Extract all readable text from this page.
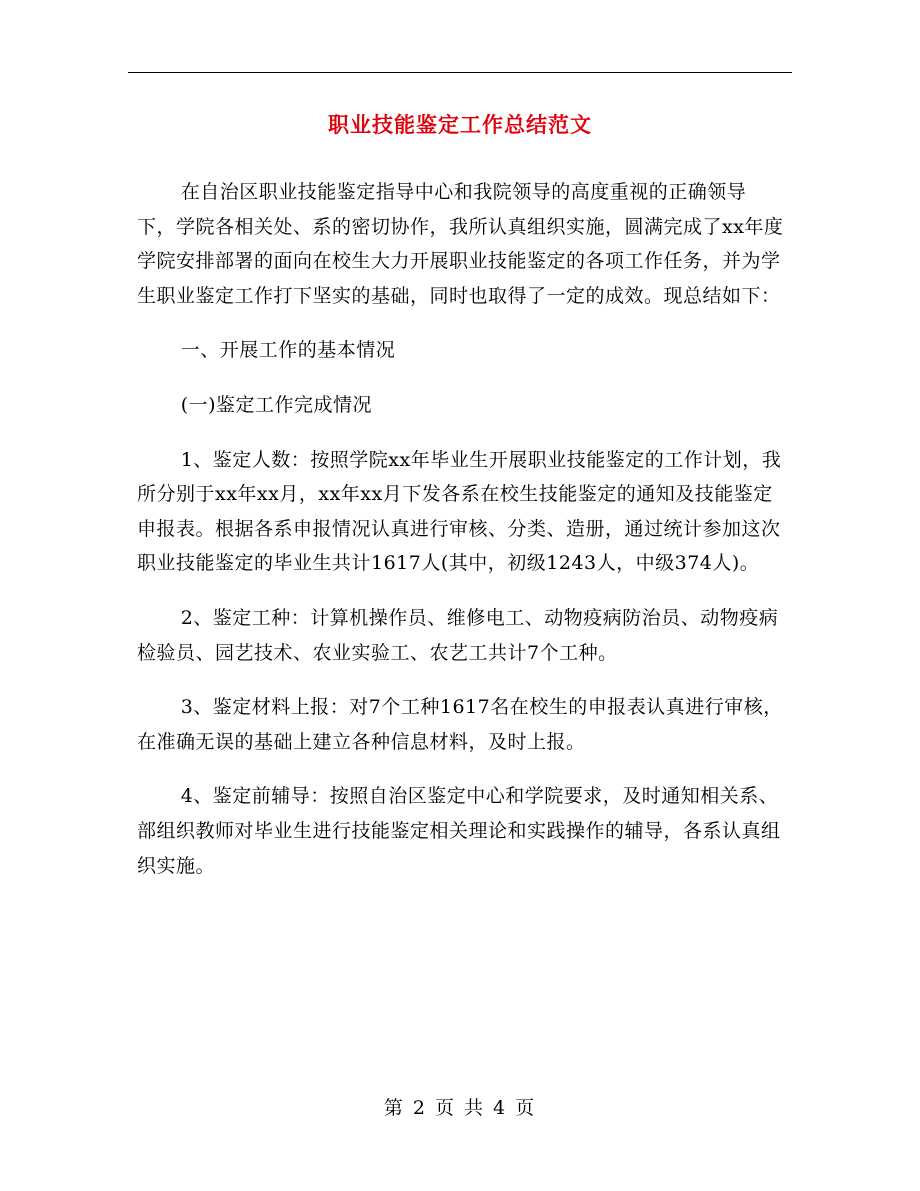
职业技能鉴定工作总结范文

在自治区职业技能鉴定指导中心和我院领导的高度重视的正确领导下，学院各相关处、系的密切协作，我所认真组织实施，圆满完成了xx年度学院安排部署的面向在校生大力开展职业技能鉴定的各项工作任务，并为学生职业鉴定工作打下坚实的基础，同时也取得了一定的成效。现总结如下：

一、开展工作的基本情况

(一)鉴定工作完成情况

1、鉴定人数：按照学院xx年毕业生开展职业技能鉴定的工作计划，我所分别于xx年xx月，xx年xx月下发各系在校生技能鉴定的通知及技能鉴定申报表。根据各系申报情况认真进行审核、分类、造册，通过统计参加这次职业技能鉴定的毕业生共计1617人(其中，初级1243人，中级374人)。

2、鉴定工种：计算机操作员、维修电工、动物疫病防治员、动物疫病检验员、园艺技术、农业实验工、农艺工共计7个工种。

3、鉴定材料上报：对7个工种1617名在校生的申报表认真进行审核，在准确无误的基础上建立各种信息材料，及时上报。

4、鉴定前辅导：按照自治区鉴定中心和学院要求，及时通知相关系、部组织教师对毕业生进行技能鉴定相关理论和实践操作的辅导，各系认真组织实施。

第 2 页 共 4 页
